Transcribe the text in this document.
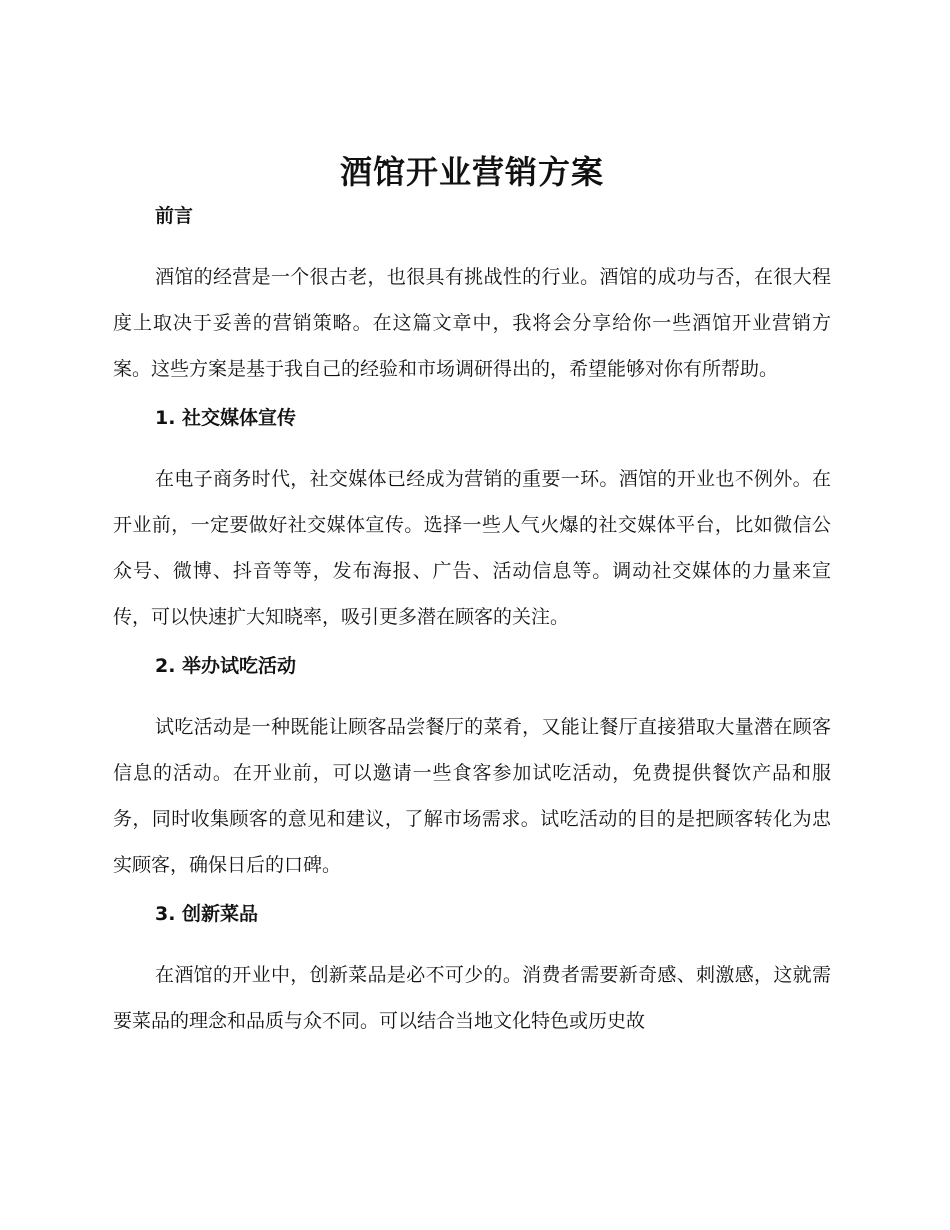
酒馆开业营销方案
前言

酒馆的经营是一个很古老，也很具有挑战性的行业。酒馆的成功与否，在很大程度上取决于妥善的营销策略。在这篇文章中，我将会分享给你一些酒馆开业营销方案。这些方案是基于我自己的经验和市场调研得出的，希望能够对你有所帮助。

1. 社交媒体宣传

在电子商务时代，社交媒体已经成为营销的重要一环。酒馆的开业也不例外。在开业前，一定要做好社交媒体宣传。选择一些人气火爆的社交媒体平台，比如微信公众号、微博、抖音等等，发布海报、广告、活动信息等。调动社交媒体的力量来宣传，可以快速扩大知晓率，吸引更多潜在顾客的关注。

2. 举办试吃活动

试吃活动是一种既能让顾客品尝餐厅的菜肴，又能让餐厅直接猎取大量潜在顾客信息的活动。在开业前，可以邀请一些食客参加试吃活动，免费提供餐饮产品和服务，同时收集顾客的意见和建议，了解市场需求。试吃活动的目的是把顾客转化为忠实顾客，确保日后的口碑。

3. 创新菜品

在酒馆的开业中，创新菜品是必不可少的。消费者需要新奇感、刺激感，这就需要菜品的理念和品质与众不同。可以结合当地文化特色或历史故
